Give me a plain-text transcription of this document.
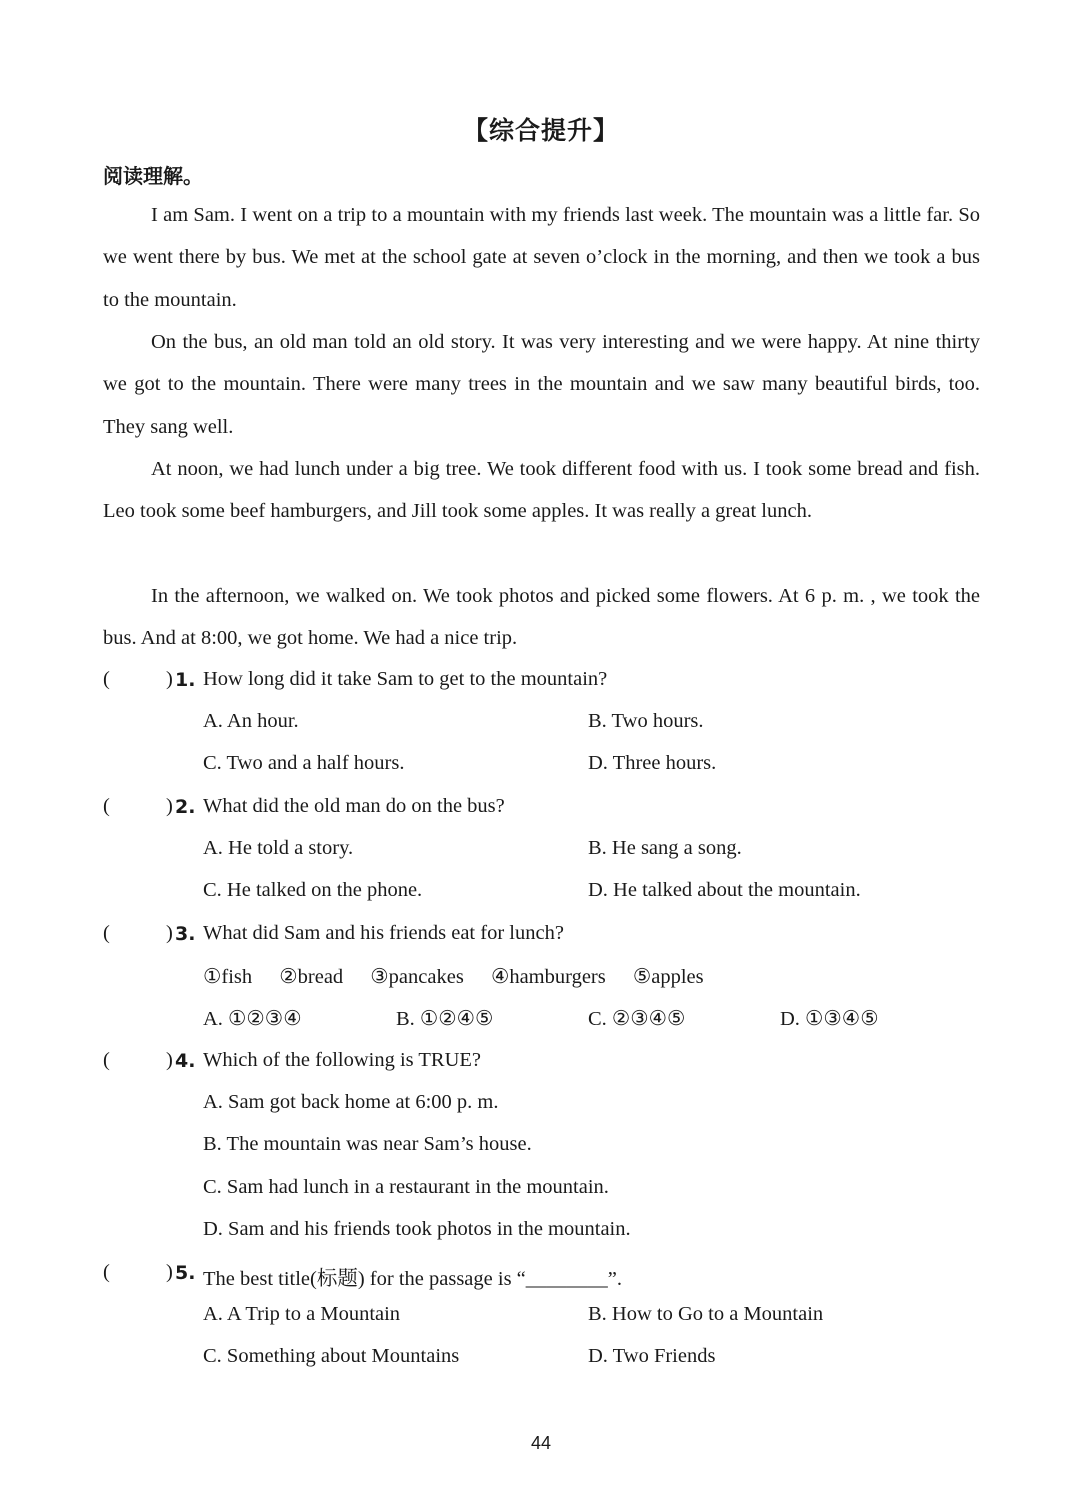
【综合提升】
阅读理解。

I am Sam. I went on a trip to a mountain with my friends last week. The mountain was a little far. So we went there by bus. We met at the school gate at seven o’clock in the morning, and then we took a bus to the mountain.

On the bus, an old man told an old story. It was very interesting and we were happy. At nine thirty we got to the mountain. There were many trees in the mountain and we saw many beautiful birds, too. They sang well.

At noon, we had lunch under a big tree. We took different food with us. I took some bread and fish. Leo took some beef hamburgers, and Jill took some apples. It was really a great lunch.

In the afternoon, we walked on. We took photos and picked some flowers. At 6 p. m. , we took the bus. And at 8:00, we got home. We had a nice trip.

(	) 1. How long did it take Sam to get to the mountain?
A. An hour.	B. Two hours.
C. Two and a half hours.	D. Three hours.
(	) 2. What did the old man do on the bus?
A. He told a story.	B. He sang a song.
C. He talked on the phone.	D. He talked about the mountain.
(	) 3. What did Sam and his friends eat for lunch?
①fish ②bread ③pancakes ④hamburgers ⑤apples
A. ①②③④	B. ①②④⑤	C. ②③④⑤	D. ①③④⑤
(	) 4. Which of the following is TRUE?
A. Sam got back home at 6:00 p. m.
B. The mountain was near Sam’s house.
C. Sam had lunch in a restaurant in the mountain.
D. Sam and his friends took photos in the mountain.
(	) 5. The best title(标题) for the passage is “________”.
A. A Trip to a Mountain	B. How to Go to a Mountain
C. Something about Mountains	D. Two Friends
44
